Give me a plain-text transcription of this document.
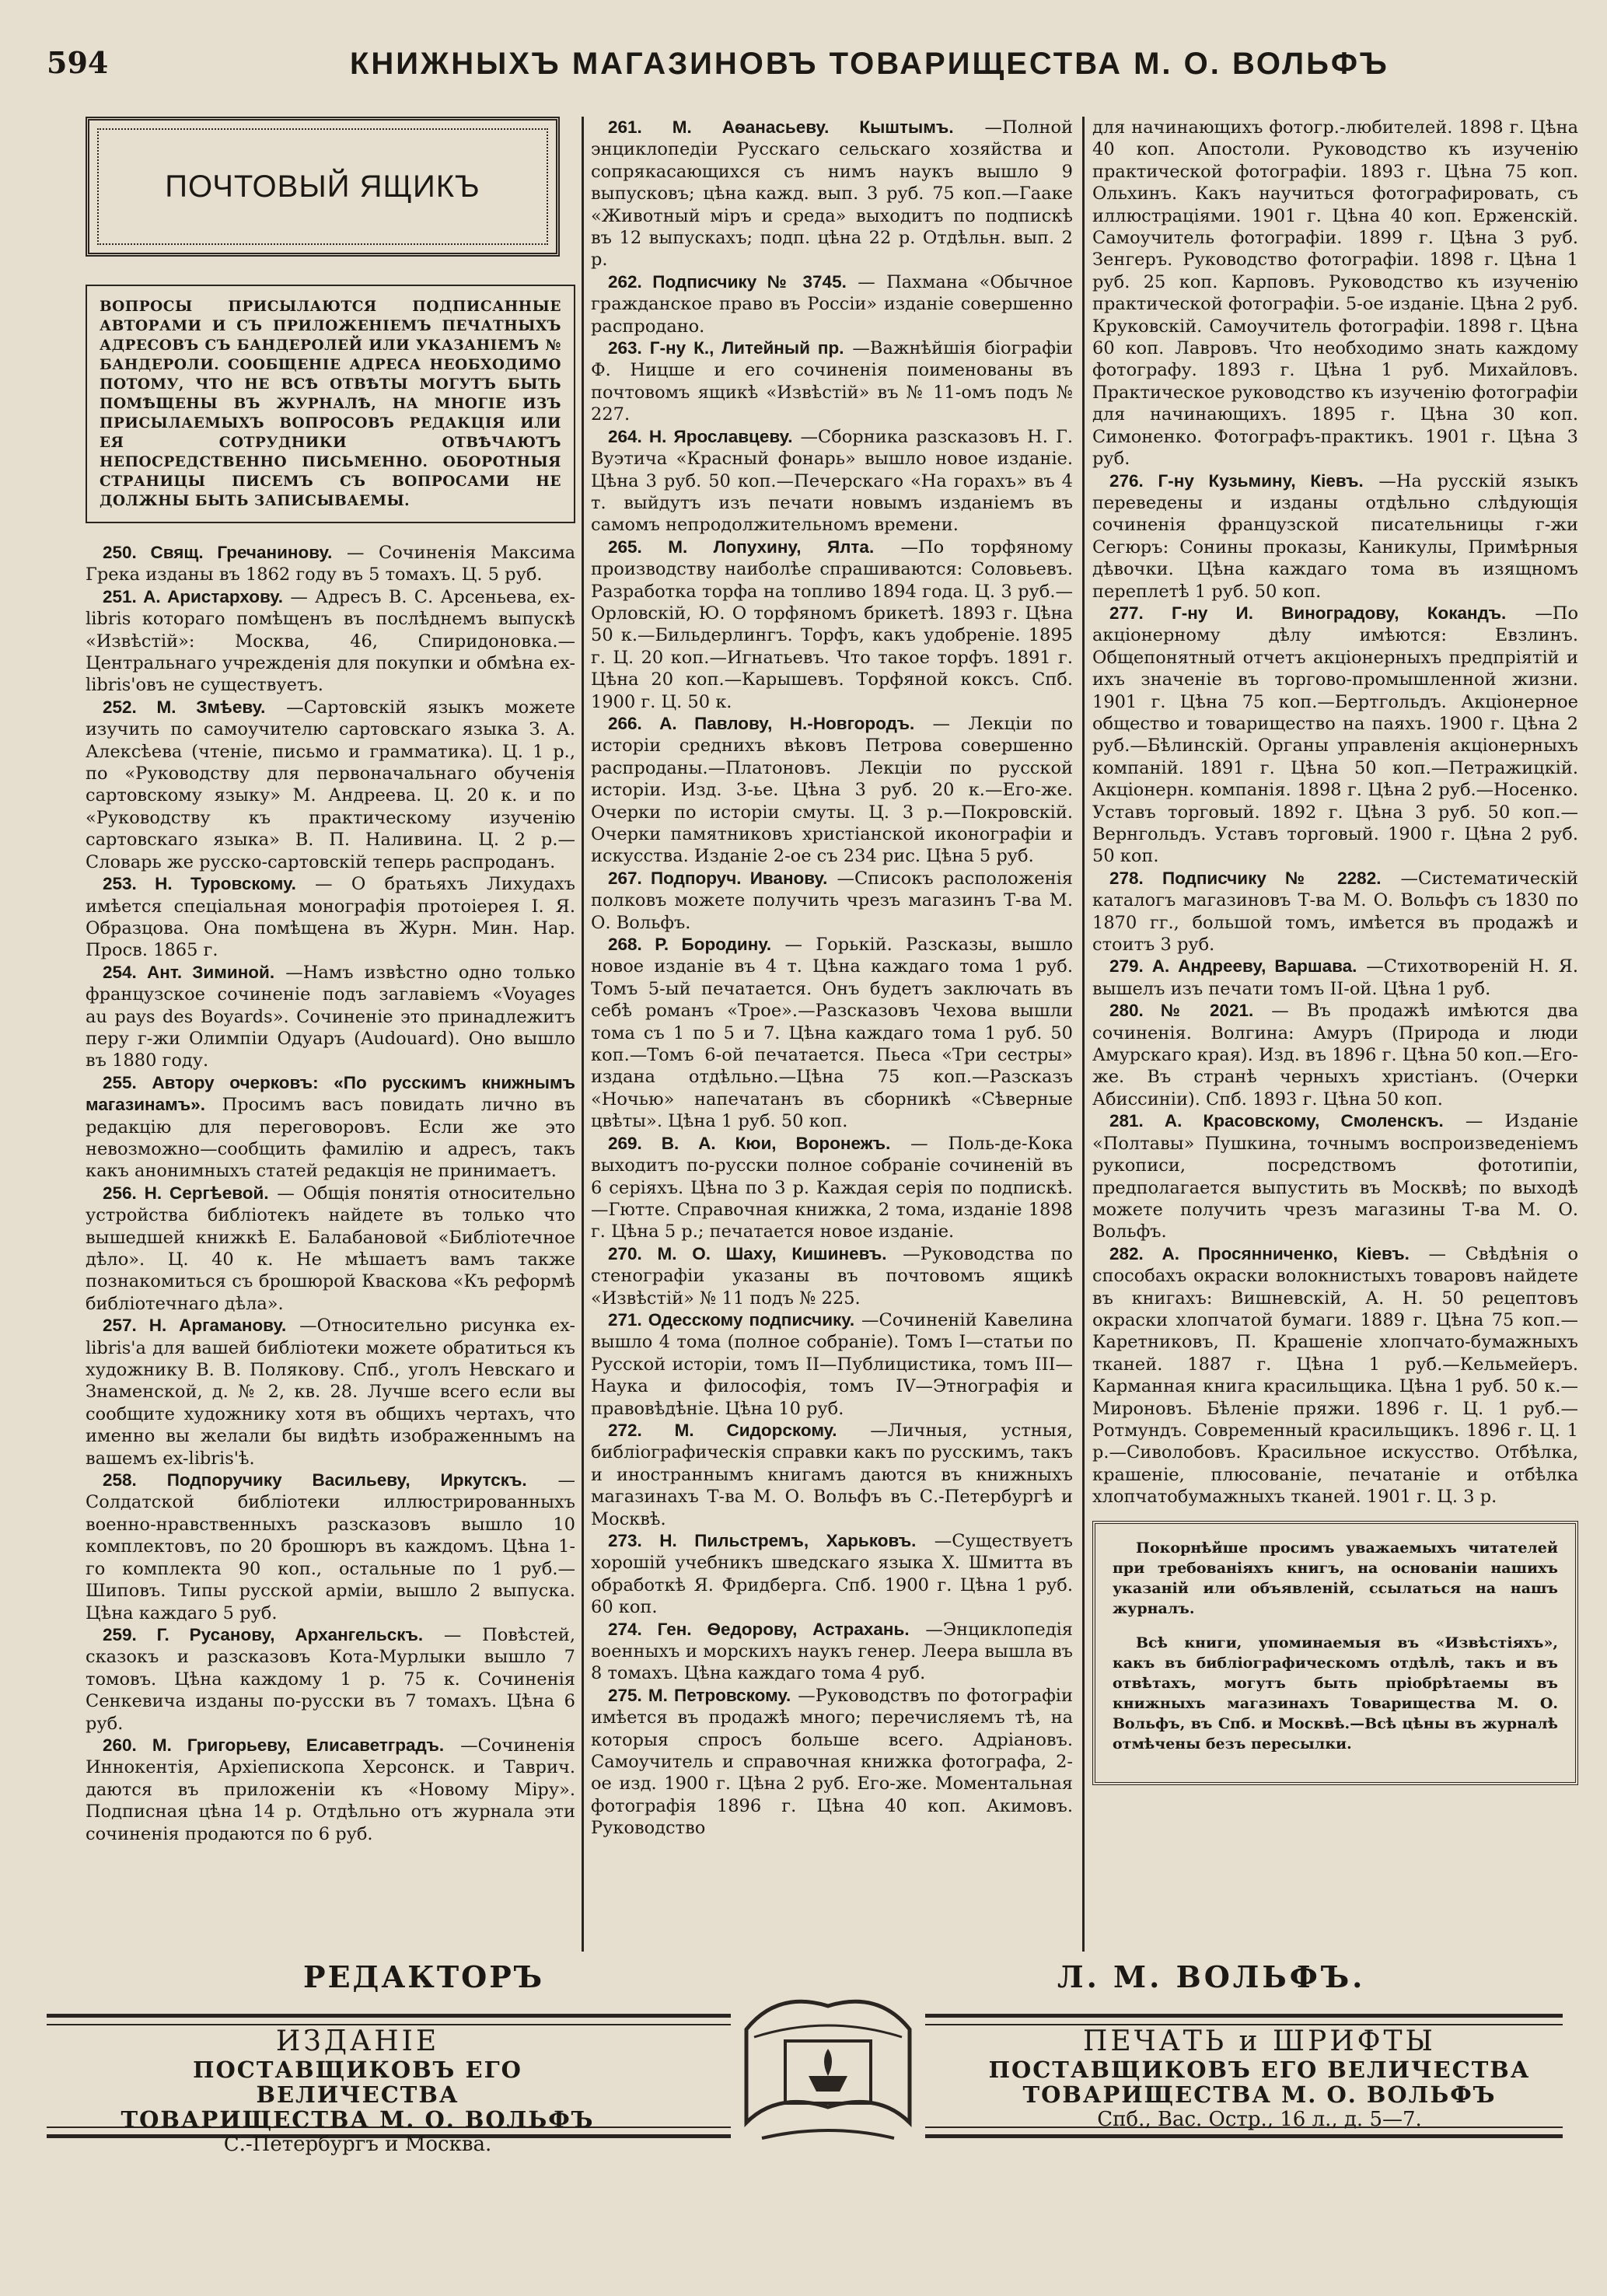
594	КНИЖНЫХЪ МАГАЗИНОВЪ ТОВАРИЩЕСТВА М. О. ВОЛЬФЪ
ПОЧТОВЫЙ ЯЩИКЪ
ВОПРОСЫ ПРИСЫЛАЮТСЯ ПОДПИСАННЫЕ АВТОРАМИ И СЪ ПРИЛОЖЕНІЕМЪ ПЕЧАТНЫХЪ АДРЕСОВЪ СЪ БАНДЕРОЛЕЙ ИЛИ УКАЗАНІЕМЪ № БАНДЕРОЛИ. СООБЩЕНІЕ АДРЕСА НЕОБХОДИМО ПОТОМУ, ЧТО НЕ ВСѢ ОТВѢТЫ МОГУТЪ БЫТЬ ПОМѢЩЕНЫ ВЪ ЖУРНАЛѢ, НА МНОГІЕ ИЗЪ ПРИСЫЛАЕМЫХЪ ВОПРОСОВЪ РЕДАКЦІЯ ИЛИ ЕЯ СОТРУДНИКИ ОТВѢЧАЮТЪ НЕПОСРЕДСТВЕННО ПИСЬМЕННО. ОБОРОТНЫЯ СТРАНИЦЫ ПИСЕМЪ СЪ ВОПРОСАМИ НЕ ДОЛЖНЫ БЫТЬ ЗАПИСЫВАЕМЫ.

250. Свящ. Гречанинову. — Сочиненія Максима Грека изданы въ 1862 году въ 5 томахъ. Ц. 5 руб.

251. А. Аристархову. — Адресъ В. С. Арсеньева, ex-libris котораго помѣщенъ въ послѣднемъ выпускѣ «Извѣстій»: Москва, 46, Спиридоновка.—Центральнаго учрежденія для покупки и обмѣна ex-libris'овъ не существуетъ.

252. М. Змѣеву. —Сартовскій языкъ можете изучить по самоучителю сартовскаго языка З. А. Алексѣева (чтеніе, письмо и грамматика). Ц. 1 р., по «Руководству для первоначальнаго обученія сартовскому языку» М. Андреева. Ц. 20 к. и по «Руководству къ практическому изученію сартовскаго языка» В. П. Наливина. Ц. 2 р.—Словарь же русско-сартовскій теперь распроданъ.

253. Н. Туровскому. — О братьяхъ Лихудахъ имѣется спеціальная монографія протоіерея І. Я. Образцова. Она помѣщена въ Журн. Мин. Нар. Просв. 1865 г.

254. Ант. Зиминой. —Намъ извѣстно одно только французское сочиненіе подъ заглавіемъ «Voyages au pays des Boyards». Сочиненіе это принадлежитъ перу г-жи Олимпіи Одуаръ (Audouard). Оно вышло въ 1880 году.

255. Автору очерковъ: «По русскимъ книжнымъ магазинамъ». Просимъ васъ повидать лично въ редакцію для переговоровъ. Если же это невозможно—сообщить фамилію и адресъ, такъ какъ анонимныхъ статей редакція не принимаетъ.

256. Н. Сергѣевой. — Общія понятія относительно устройства библіотекъ найдете въ только что вышедшей книжкѣ Е. Балабановой «Библіотечное дѣло». Ц. 40 к. Не мѣшаетъ вамъ также познакомиться съ брошюрой Квасковa «Къ реформѣ библіотечнаго дѣла».

257. Н. Аргаманову. —Относительно рисунка ex-libris'а для вашей библіотеки можете обратиться къ художнику В. В. Полякову. Спб., уголъ Невскаго и Знаменской, д. № 2, кв. 28. Лучше всего если вы сообщите художнику хотя въ общихъ чертахъ, что именно вы желали бы видѣть изображеннымъ на вашемъ ex-libris'ѣ.

258. Подпоручику Васильеву, Иркутскъ. —Солдатской библіотеки иллюстрированныхъ военно-нравственныхъ разсказовъ вышло 10 комплектовъ, по 20 брошюръ въ каждомъ. Цѣна 1-го комплекта 90 коп., остальные по 1 руб.—Шиповъ. Типы русской арміи, вышло 2 выпуска. Цѣна каждаго 5 руб.

259. Г. Русанову, Архангельскъ. — Повѣстей, сказокъ и разсказовъ Кота-Мурлыки вышло 7 томовъ. Цѣна каждому 1 р. 75 к. Сочиненія Сенкевича изданы по-русски въ 7 томахъ. Цѣна 6 руб.

260. М. Григорьеву, Елисаветградъ. —Сочиненія Иннокентія, Архіепископа Херсонск. и Таврич. даются въ приложеніи къ «Новому Міру». Подписная цѣна 14 р. Отдѣльно отъ журнала эти сочиненія продаются по 6 руб.

261. М. Аѳанасьеву. Кыштымъ. —Полной энциклопедіи Русскаго сельскаго хозяйства и сопрякасающихся съ нимъ наукъ вышло 9 выпусковъ; цѣна кажд. вып. 3 руб. 75 коп.—Гааке «Животный міръ и среда» выходитъ по подпискѣ въ 12 выпускахъ; подп. цѣна 22 р. Отдѣльн. вып. 2 р.

262. Подписчику № 3745. — Пахмана «Обычное гражданское право въ Россіи» изданіе совершенно распродано.

263. Г-ну К., Литейный пр. —Важнѣйшія біографіи Ф. Ницше и его сочиненія поименованы въ почтовомъ ящикѣ «Извѣстій» въ № 11-омъ подъ № 227.

264. Н. Ярославцеву. —Сборника разсказовъ Н. Г. Вуэтича «Красный фонарь» вышло новое изданіе. Цѣна 3 руб. 50 коп.—Печерскаго «На горахъ» въ 4 т. выйдутъ изъ печати новымъ изданіемъ въ самомъ непродолжительномъ времени.

265. М. Лопухину, Ялта. —По торфяному производству наиболѣе спрашиваются: Соловьевъ. Разработка торфа на топливо 1894 года. Ц. 3 руб.—Орловскій, Ю. О торфяномъ брикетѣ. 1893 г. Цѣна 50 к.—Бильдерлингъ. Торфъ, какъ удобреніе. 1895 г. Ц. 20 коп.—Игнатьевъ. Что такое торфъ. 1891 г. Цѣна 20 коп.—Карышевъ. Торфяной коксъ. Спб. 1900 г. Ц. 50 к.

266. А. Павлову, Н.-Новгородъ. — Лекціи по исторіи среднихъ вѣковъ Петрова совершенно распроданы.—Платоновъ. Лекціи по русской исторіи. Изд. 3-ье. Цѣна 3 руб. 20 к.—Его-же. Очерки по исторіи смуты. Ц. 3 р.—Покровскій. Очерки памятниковъ христіанской иконографіи и искусства. Изданіе 2-ое съ 234 рис. Цѣна 5 руб.

267. Подпоруч. Иванову. —Списокъ расположенія полковъ можете получить чрезъ магазинъ Т-ва М. О. Вольфъ.

268. Р. Бородину. — Горькій. Разсказы, вышло новое изданіе въ 4 т. Цѣна каждаго тома 1 руб. Томъ 5-ый печатается. Онъ будетъ заключать въ себѣ романъ «Трое».—Разсказовъ Чехова вышли тома съ 1 по 5 и 7. Цѣна каждаго тома 1 руб. 50 коп.—Томъ 6-ой печатается. Пьеса «Три сестры» издана отдѣльно.—Цѣна 75 коп.—Разсказъ «Ночью» напечатанъ въ сборникѣ «Сѣверные цвѣты». Цѣна 1 руб. 50 коп.

269. В. А. Кюи, Воронежъ. — Поль-де-Кока выходитъ по-русски полное собраніе сочиненій въ 6 серіяхъ. Цѣна по 3 р. Каждая серія по подпискѣ.—Гютте. Справочная книжка, 2 тома, изданіе 1898 г. Цѣна 5 р.; печатается новое изданіе.

270. М. О. Шаху, Кишиневъ. —Руководства по стенографіи указаны въ почтовомъ ящикѣ «Извѣстій» № 11 подъ № 225.

271. Одесскому подписчику. —Сочиненій Кавелина вышло 4 тома (полное собраніе). Томъ I—статьи по Русской исторіи, томъ II—Публицистика, томъ III—Наука и философія, томъ IV—Этнографія и правовѣдѣніе. Цѣна 10 руб.

272. М. Сидорскому. —Личныя, устныя, библіографическія справки какъ по русскимъ, такъ и иностраннымъ книгамъ даются въ книжныхъ магазинахъ Т-ва М. О. Вольфъ въ С.-Петербургѣ и Москвѣ.

273. Н. Пильстремъ, Харьковъ. —Существуетъ хорошій учебникъ шведскаго языка Х. Шмитта въ обработкѣ Я. Фридберга. Спб. 1900 г. Цѣна 1 руб. 60 коп.

274. Ген. Ѳедорову, Астрахань. —Энциклопедія военныхъ и морскихъ наукъ генер. Леера вышла въ 8 томахъ. Цѣна каждаго тома 4 руб.

275. М. Петровскому. —Руководствъ по фотографіи имѣется въ продажѣ много; перечисляемъ тѣ, на которыя спросъ больше всего. Адріановъ. Самоучитель и справочная книжка фотографа, 2-ое изд. 1900 г. Цѣна 2 руб. Его-же. Моментальная фотографія 1896 г. Цѣна 40 коп. Акимовъ. Руководство

для начинающихъ фотогр.-любителей. 1898 г. Цѣна 40 коп. Апостоли. Руководство къ изученію практической фотографіи. 1893 г. Цѣна 75 коп. Ольхинъ. Какъ научиться фотографировать, съ иллюстраціями. 1901 г. Цѣна 40 коп. Ерженскій. Самоучитель фотографіи. 1899 г. Цѣна 3 руб. Зенгеръ. Руководство фотографіи. 1898 г. Цѣна 1 руб. 25 коп. Карповъ. Руководство къ изученію практической фотографіи. 5-ое изданіе. Цѣна 2 руб. Круковскій. Самоучитель фотографіи. 1898 г. Цѣна 60 коп. Лавровъ. Что необходимо знать каждому фотографу. 1893 г. Цѣна 1 руб. Михайловъ. Практическое руководство къ изученію фотографіи для начинающихъ. 1895 г. Цѣна 30 коп. Симоненко. Фотографъ-практикъ. 1901 г. Цѣна 3 руб.

276. Г-ну Кузьмину, Кіевъ. —На русскій языкъ переведены и изданы отдѣльно слѣдующія сочиненія французской писательницы г-жи Сегюръ: Сонины проказы, Каникулы, Примѣрныя дѣвочки. Цѣна каждаго тома въ изящномъ переплетѣ 1 руб. 50 коп.

277. Г-ну И. Виноградову, Кокандъ. —По акціонерному дѣлу имѣются: Евзлинъ. Общепонятный отчетъ акціонерныхъ предпріятій и ихъ значеніе въ торгово-промышленной жизни. 1901 г. Цѣна 75 коп.—Бертгольдъ. Акціонерное общество и товарищество на паяхъ. 1900 г. Цѣна 2 руб.—Бѣлинскій. Органы управленія акціонерныхъ компаній. 1891 г. Цѣна 50 коп.—Петражицкій. Акціонерн. компанія. 1898 г. Цѣна 2 руб.—Носенко. Уставъ торговый. 1892 г. Цѣна 3 руб. 50 коп.—Вернгольдъ. Уставъ торговый. 1900 г. Цѣна 2 руб. 50 коп.

278. Подписчику № 2282. —Систематическій каталогъ магазиновъ Т-ва М. О. Вольфъ съ 1830 по 1870 гг., большой томъ, имѣется въ продажѣ и стоитъ 3 руб.

279. А. Андрееву, Варшава. —Стихотвореній Н. Я. вышелъ изъ печати томъ II-ой. Цѣна 1 руб.

280. № 2021. — Въ продажѣ имѣются два сочиненія. Волгина: Амуръ (Природа и люди Амурскаго края). Изд. въ 1896 г. Цѣна 50 коп.—Его-же. Въ странѣ черныхъ христіанъ. (Очерки Абиссиніи). Спб. 1893 г. Цѣна 50 коп.

281. А. Красовскому, Смоленскъ. — Изданіе «Полтавы» Пушкина, точнымъ воспроизведеніемъ рукописи, посредствомъ фототипіи, предполагается выпустить въ Москвѣ; по выходѣ можете получить чрезъ магазины Т-ва М. О. Вольфъ.

282. А. Просянниченко, Кіевъ. — Свѣдѣнія о способахъ окраски волокнистыхъ товаровъ найдете въ книгахъ: Вишневскій, А. Н. 50 рецептовъ окраски хлопчатой бумаги. 1889 г. Цѣна 75 коп.—Каретниковъ, П. Крашеніе хлопчато-бумажныхъ тканей. 1887 г. Цѣна 1 руб.—Кельмейеръ. Карманная книга красильщика. Цѣна 1 руб. 50 к.—Мироновъ. Бѣленіе пряжи. 1896 г. Ц. 1 руб.—Ротмундъ. Современный красильщикъ. 1896 г. Ц. 1 р.—Сиволобовъ. Красильное искусство. Отбѣлка, крашеніе, плюсованіе, печатаніе и отбѣлка хлопчатобумажныхъ тканей. 1901 г. Ц. 3 р.

Покорнѣйше просимъ уважаемыхъ читателей при требованіяхъ книгъ, на основаніи нашихъ указаній или объявленій, ссылаться на нашъ журналъ.

Всѣ книги, упоминаемыя въ «Извѣстіяхъ», какъ въ библіографическомъ отдѣлѣ, такъ и въ отвѣтахъ, могутъ быть пріобрѣтаемы въ книжныхъ магазинахъ Товарищества М. О. Вольфъ, въ Спб. и Москвѣ.—Всѣ цѣны въ журналѣ отмѣчены безъ пересылки.

РЕДАКТОРЪ	Л. М. ВОЛЬФЪ.
ИЗДАНІЕ
ПОСТАВЩИКОВЪ ЕГО ВЕЛИЧЕСТВА
ТОВАРИЩЕСТВА М. О. ВОЛЬФЪ
С.-Петербургъ и Москва.
ПЕЧАТЬ и ШРИФТЫ
ПОСТАВЩИКОВЪ ЕГО ВЕЛИЧЕСТВА
ТОВАРИЩЕСТВА М. О. ВОЛЬФЪ
Спб., Вас. Остр., 16 л., д. 5—7.
